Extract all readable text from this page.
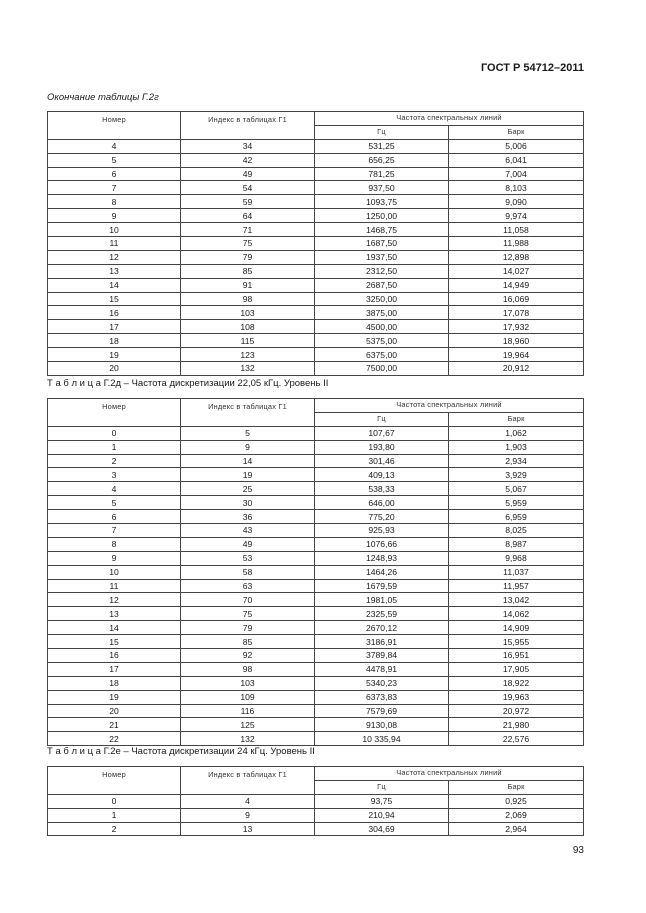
ГОСТ Р 54712–2011
Окончание таблицы Г.2г
Номер	Индекс в таблицах Г1	Частота спектральных линий	
		Гц	Барк
4	34	531,25	5,006
5	42	656,25	6,041
6	49	781,25	7,004
7	54	937,50	8,103
8	59	1093,75	9,090
9	64	1250,00	9,974
10	71	1468,75	11,058
11	75	1687,50	11,988
12	79	1937,50	12,898
13	85	2312,50	14,027
14	91	2687,50	14,949
15	98	3250,00	16,069
16	103	3875,00	17,078
17	108	4500,00	17,932
18	115	5375,00	18,960
19	123	6375,00	19,964
20	132	7500,00	20,912
Т а б л и ц а Г.2д – Частота дискретизации 22,05 кГц. Уровень II
Номер	Индекс в таблицах Г1	Частота спектральных линий	
		Гц	Барк
0	5	107,67	1,062
1	9	193,80	1,903
2	14	301,46	2,934
3	19	409,13	3,929
4	25	538,33	5,067
5	30	646,00	5,959
6	36	775,20	6,959
7	43	925,93	8,025
8	49	1076,66	8,987
9	53	1248,93	9,968
10	58	1464,26	11,037
11	63	1679,59	11,957
12	70	1981,05	13,042
13	75	2325,59	14,062
14	79	2670,12	14,909
15	85	3186,91	15,955
16	92	3789,84	16,951
17	98	4478,91	17,905
18	103	5340,23	18,922
19	109	6373,83	19,963
20	116	7579,69	20,972
21	125	9130,08	21,980
22	132	10 335,94	22,576
Т а б л и ц а Г.2е – Частота дискретизации 24 кГц. Уровень II
Номер	Индекс в таблицах Г1	Частота спектральных линий	
		Гц	Барк
0	4	93,75	0,925
1	9	210,94	2,069
2	13	304,69	2,964
93
